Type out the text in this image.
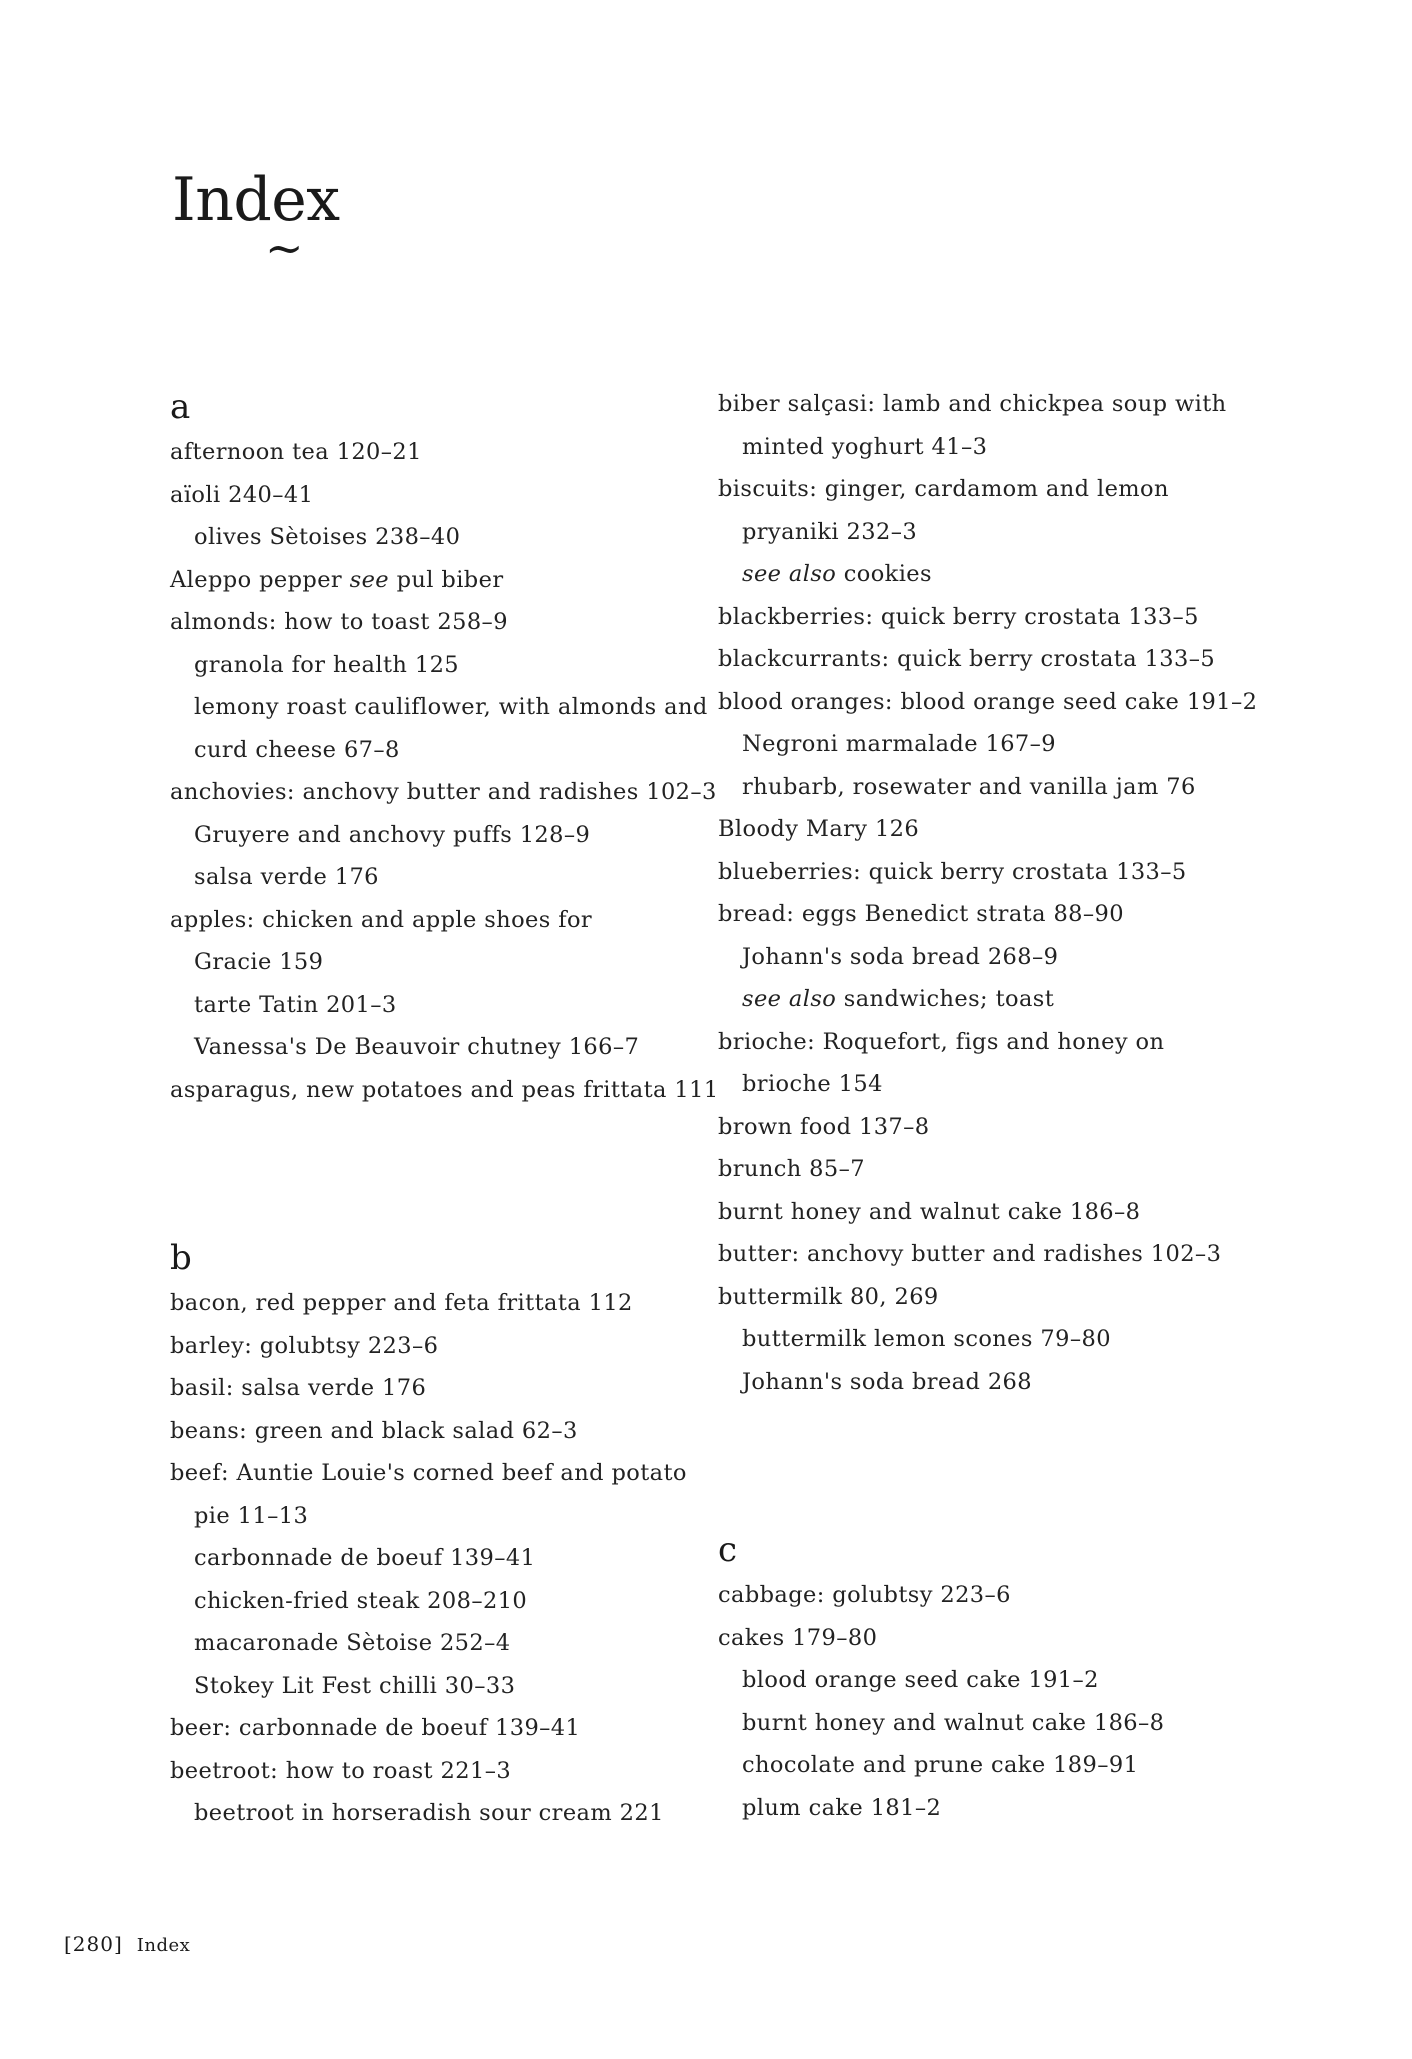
Index
~
a
afternoon tea 120–21
aïoli 240–41
olives Sètoises 238–40
Aleppo pepper see pul biber
almonds: how to toast 258–9
granola for health 125
lemony roast cauliflower, with almonds and
curd cheese 67–8
anchovies: anchovy butter and radishes 102–3
Gruyere and anchovy puffs 128–9
salsa verde 176
apples: chicken and apple shoes for
Gracie 159
tarte Tatin 201–3
Vanessa's De Beauvoir chutney 166–7
asparagus, new potatoes and peas frittata 111
b
bacon, red pepper and feta frittata 112
barley: golubtsy 223–6
basil: salsa verde 176
beans: green and black salad 62–3
beef: Auntie Louie's corned beef and potato
pie 11–13
carbonnade de boeuf 139–41
chicken-fried steak 208–210
macaronade Sètoise 252–4
Stokey Lit Fest chilli 30–33
beer: carbonnade de boeuf 139–41
beetroot: how to roast 221–3
beetroot in horseradish sour cream 221
biber salçasi: lamb and chickpea soup with
minted yoghurt 41–3
biscuits: ginger, cardamom and lemon
pryaniki 232–3
see also cookies
blackberries: quick berry crostata 133–5
blackcurrants: quick berry crostata 133–5
blood oranges: blood orange seed cake 191–2
Negroni marmalade 167–9
rhubarb, rosewater and vanilla jam 76
Bloody Mary 126
blueberries: quick berry crostata 133–5
bread: eggs Benedict strata 88–90
Johann's soda bread 268–9
see also sandwiches; toast
brioche: Roquefort, figs and honey on
brioche 154
brown food 137–8
brunch 85–7
burnt honey and walnut cake 186–8
butter: anchovy butter and radishes 102–3
buttermilk 80, 269
buttermilk lemon scones 79–80
Johann's soda bread 268
c
cabbage: golubtsy 223–6
cakes 179–80
blood orange seed cake 191–2
burnt honey and walnut cake 186–8
chocolate and prune cake 189–91
plum cake 181–2
[280] Index
